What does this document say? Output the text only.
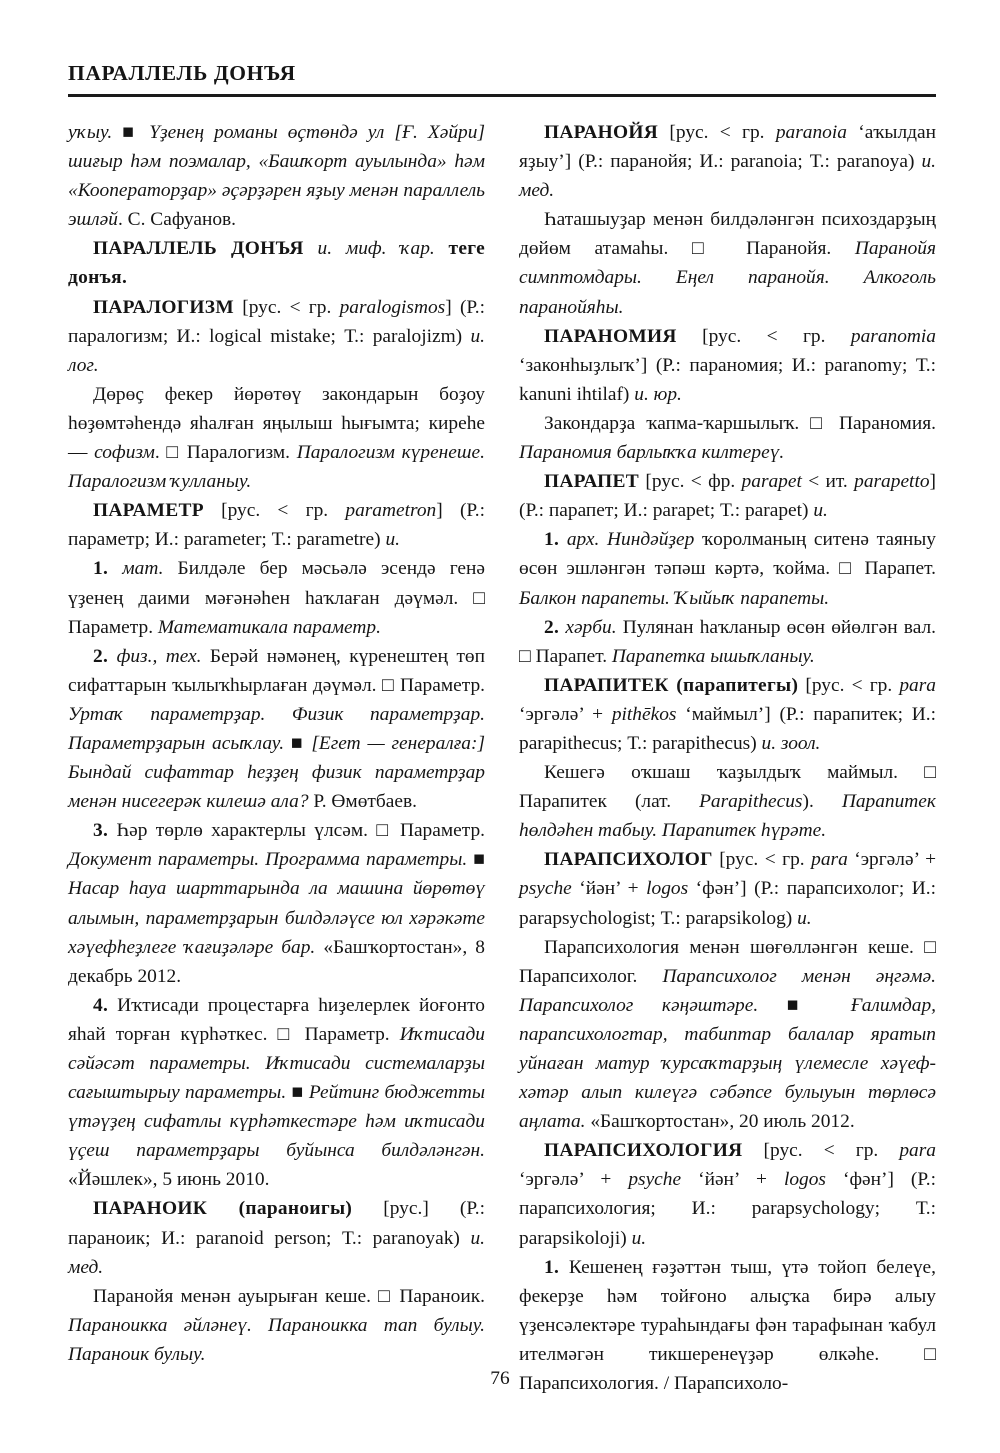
ПАРАЛЛЕЛЬ ДОНЪЯ

уҡыу. ■ Үҙенең романы өҫтөндә ул [Ғ. Хәйри] шиғыр һәм поэмалар, «Башҡорт ауылында» һәм «Кооператорҙар» әҫәрҙәрен яҙыу менән параллель эшләй. С. Сафуанов.

ПАРАЛЛЕЛЬ ДОНЪЯ и. миф. ҡар. теге донъя.

ПАРАЛОГИЗМ [рус. < гр. paralogismos] (Р.: паралогизм; И.: logical mistake; Т.: paralojizm) и. лог.

Дөрөҫ фекер йөрөтөү закондарын боҙоу һөҙөмтәһендә яһалған яңылыш һығымта; киреһе — софизм. □ Паралогизм. Паралогизм күренеше. Паралогизм ҡулланыу.

ПАРАМЕТР [рус. < гр. parametron] (Р.: параметр; И.: parameter; Т.: parametre) и.

1. мат. Билдәле бер мәсьәлә эсендә генә үҙенең даими мәғәнәһен һаҡлаған дәүмәл. □ Параметр. Математикала параметр.

2. физ., тех. Берәй нәмәнең, күренештең төп сифаттарын ҡылыҡһырлаған дәүмәл. □ Параметр. Уртаҡ параметрҙар. Физик параметрҙар. Параметрҙарын асыҡлау. ■ [Егет — генералға:] Бындай сифаттар һеҙҙең физик параметрҙар менән нисегерәк килешә ала? Р. Өмөтбаев.

3. Һәр төрлө характерлы үлсәм. □ Параметр. Документ параметры. Программа параметры. ■ Насар һауа шарттарында ла машина йөрөтөү алымын, параметрҙарын билдәләүсе юл хәрәкәте хәүефһеҙлеге ҡағиҙәләре бар. «Башҡортостан», 8 декабрь 2012.

4. Иҡтисади процестарға һиҙелерлек йоғонто яһай торған күрһәткес. □ Параметр. Иҡтисади сәйәсәт параметры. Иҡтисади системаларҙы сағыштырыу параметры. ■ Рейтинг бюджетты үтәүҙең сифатлы күрһәткестәре һәм иҡтисади үҫеш параметрҙары буйынса билдәләнгән. «Йәшлек», 5 июнь 2010.

ПАРАНОИК (параноигы) [рус.] (Р.: параноик; И.: paranoid person; Т.: paranoyak) и. мед.

Паранойя менән ауырыған кеше. □ Параноик. Параноикка әйләнеү. Параноикка тап булыу. Параноик булыу.

ПАРАНОЙЯ [рус. < гр. paranoia ‘аҡылдан яҙыу’] (Р.: паранойя; И.: paranoia; Т.: paranoya) и. мед.

Һаташыуҙар менән билдәләнгән психоздарҙың дөйөм атамаһы. □ Паранойя. Паранойя симптомдары. Еңел паранойя. Алкоголь паранойяһы.

ПАРАНОМИЯ [рус. < гр. paranomia ‘законһыҙлыҡ’] (Р.: парaномия; И.: paranomy; Т.: kanuni ihtilaf) и. юр.

Закондарҙа ҡапма-ҡаршылыҡ. □ Парaномия. Парaномия барлыҡҡа килтереү.

ПАРАПЕТ [рус. < фр. parapet < ит. parapetto] (Р.: парапет; И.: parapet; Т.: parapet) и.

1. арх. Ниндәйҙер ҡоролманың ситенә таяныу өсөн эшләнгән тәпәш кәртә, ҡойма. □ Парапет. Балкон парапеты. Ҡыйыҡ парапеты.

2. хәрби. Пулянан һаҡланыр өсөн өйөлгән вал. □ Парапет. Парапетка ышыҡланыу.

ПАРАПИТЕК (парапитегы) [рус. < гр. para ‘эргәлә’ + pithēkos ‘маймыл’] (Р.: парапитек; И.: parapithecus; Т.: parapithecus) и. зоол.

Кешегә оҡшаш ҡаҙылдыҡ маймыл. □ Парапитек (лат. Parapithecus). Парапитек һөлдәһен табыу. Парапитек һүрәте.

ПАРАПСИХОЛОГ [рус. < гр. para ‘эргәлә’ + psyche ‘йән’ + logos ‘фән’] (Р.: парапсихолог; И.: parapsychologist; Т.: parapsikolog) и.

Парапсихология менән шөғөлләнгән кеше. □ Парапсихолог. Парапсихолог менән әңгәмә. Парапсихолог кәңәштәре. ■ Ғалимдар, парапсихологтар, табиптар балалар яратып уйнаған матур ҡурсаҡтарҙың үлемесле хәүеф-хәтәр алып килеүгә сәбәпсе булыуын төрлөсә аңлата. «Башҡортостан», 20 июль 2012.

ПАРАПСИХОЛОГИЯ [рус. < гр. para ‘эргәлә’ + psyche ‘йән’ + logos ‘фән’] (Р.: парапсихология; И.: parapsychology; Т.: parapsikoloji) и.

1. Кешенең ғәҙәттән тыш, үтә тойоп белеүе, фекерҙе һәм тойғоно алыҫҡа бирә алыу үҙенсәлектәре тураһындағы фән тарафынан ҡабул ителмәгән тикшеренеүҙәр өлкәһе. □ Парапсихология. / Парапсихоло-

76
